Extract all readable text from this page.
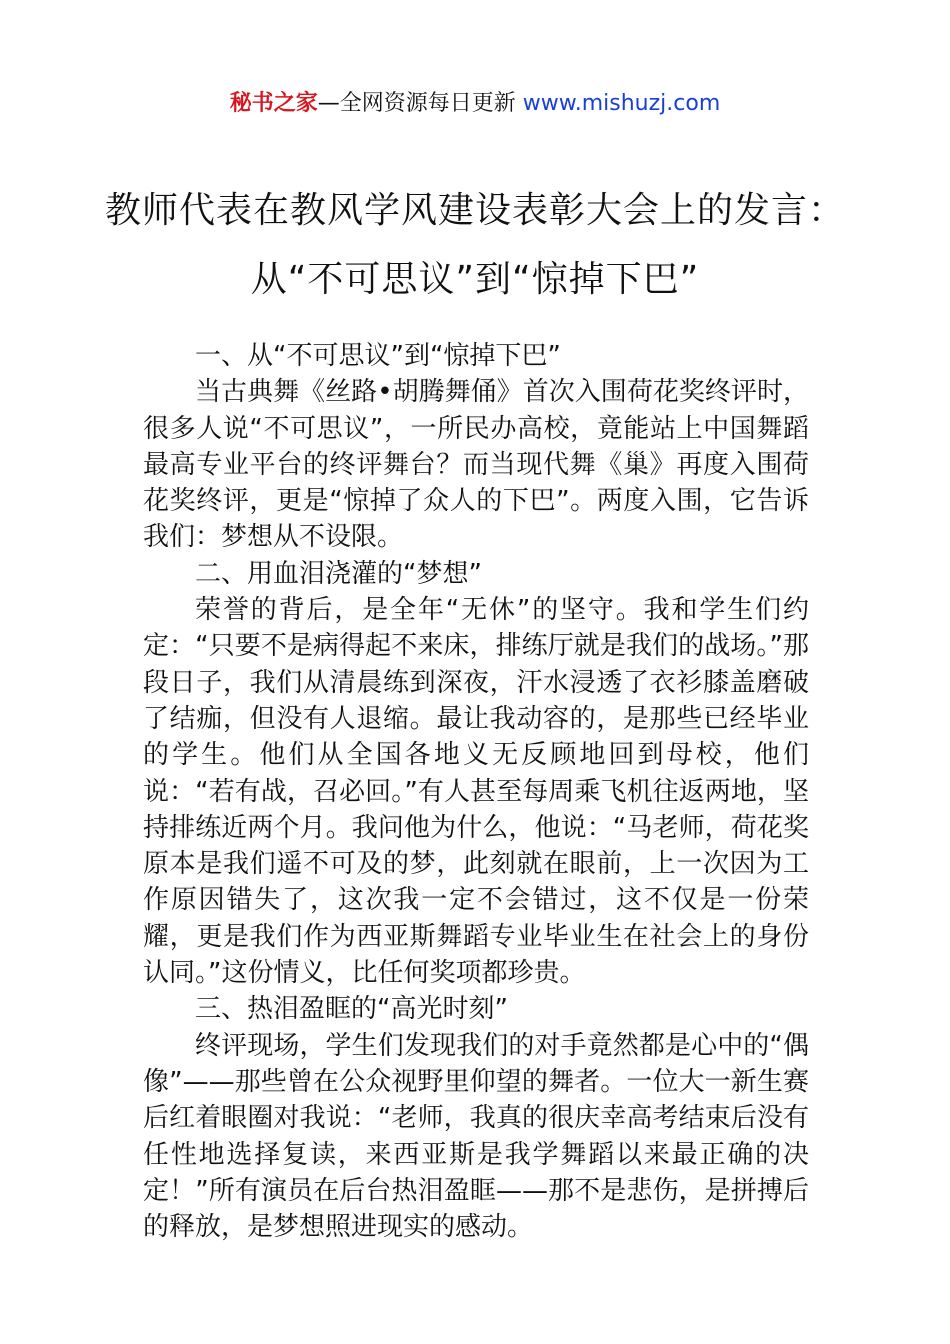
秘书之家—全网资源每日更新 www.mishuzj.com
教师代表在教风学风建设表彰大会上的发言：从“不可思议”到“惊掉下巴”

一、从“不可思议”到“惊掉下巴”

当古典舞《丝路•胡腾舞俑》首次入围荷花奖终评时，很多人说“不可思议”，一所民办高校，竟能站上中国舞蹈最高专业平台的终评舞台？而当现代舞《巢》再度入围荷花奖终评，更是“惊掉了众人的下巴”。两度入围，它告诉我们：梦想从不设限。

二、用血泪浇灌的“梦想”

荣誉的背后，是全年“无休”的坚守。我和学生们约定：“只要不是病得起不来床，排练厅就是我们的战场。”那段日子，我们从清晨练到深夜，汗水浸透了衣衫膝盖磨破了结痂，但没有人退缩。最让我动容的，是那些已经毕业的学生。他们从全国各地义无反顾地回到母校，他们说：“若有战，召必回。”有人甚至每周乘飞机往返两地，坚持排练近两个月。我问他为什么，他说：“马老师，荷花奖原本是我们遥不可及的梦，此刻就在眼前，上一次因为工作原因错失了，这次我一定不会错过，这不仅是一份荣耀，更是我们作为西亚斯舞蹈专业毕业生在社会上的身份认同。”这份情义，比任何奖项都珍贵。

三、热泪盈眶的“高光时刻”

终评现场，学生们发现我们的对手竟然都是心中的“偶像”——那些曾在公众视野里仰望的舞者。一位大一新生赛后红着眼圈对我说：“老师，我真的很庆幸高考结束后没有任性地选择复读，来西亚斯是我学舞蹈以来最正确的决定！”所有演员在后台热泪盈眶——那不是悲伤，是拼搏后的释放，是梦想照进现实的感动。
